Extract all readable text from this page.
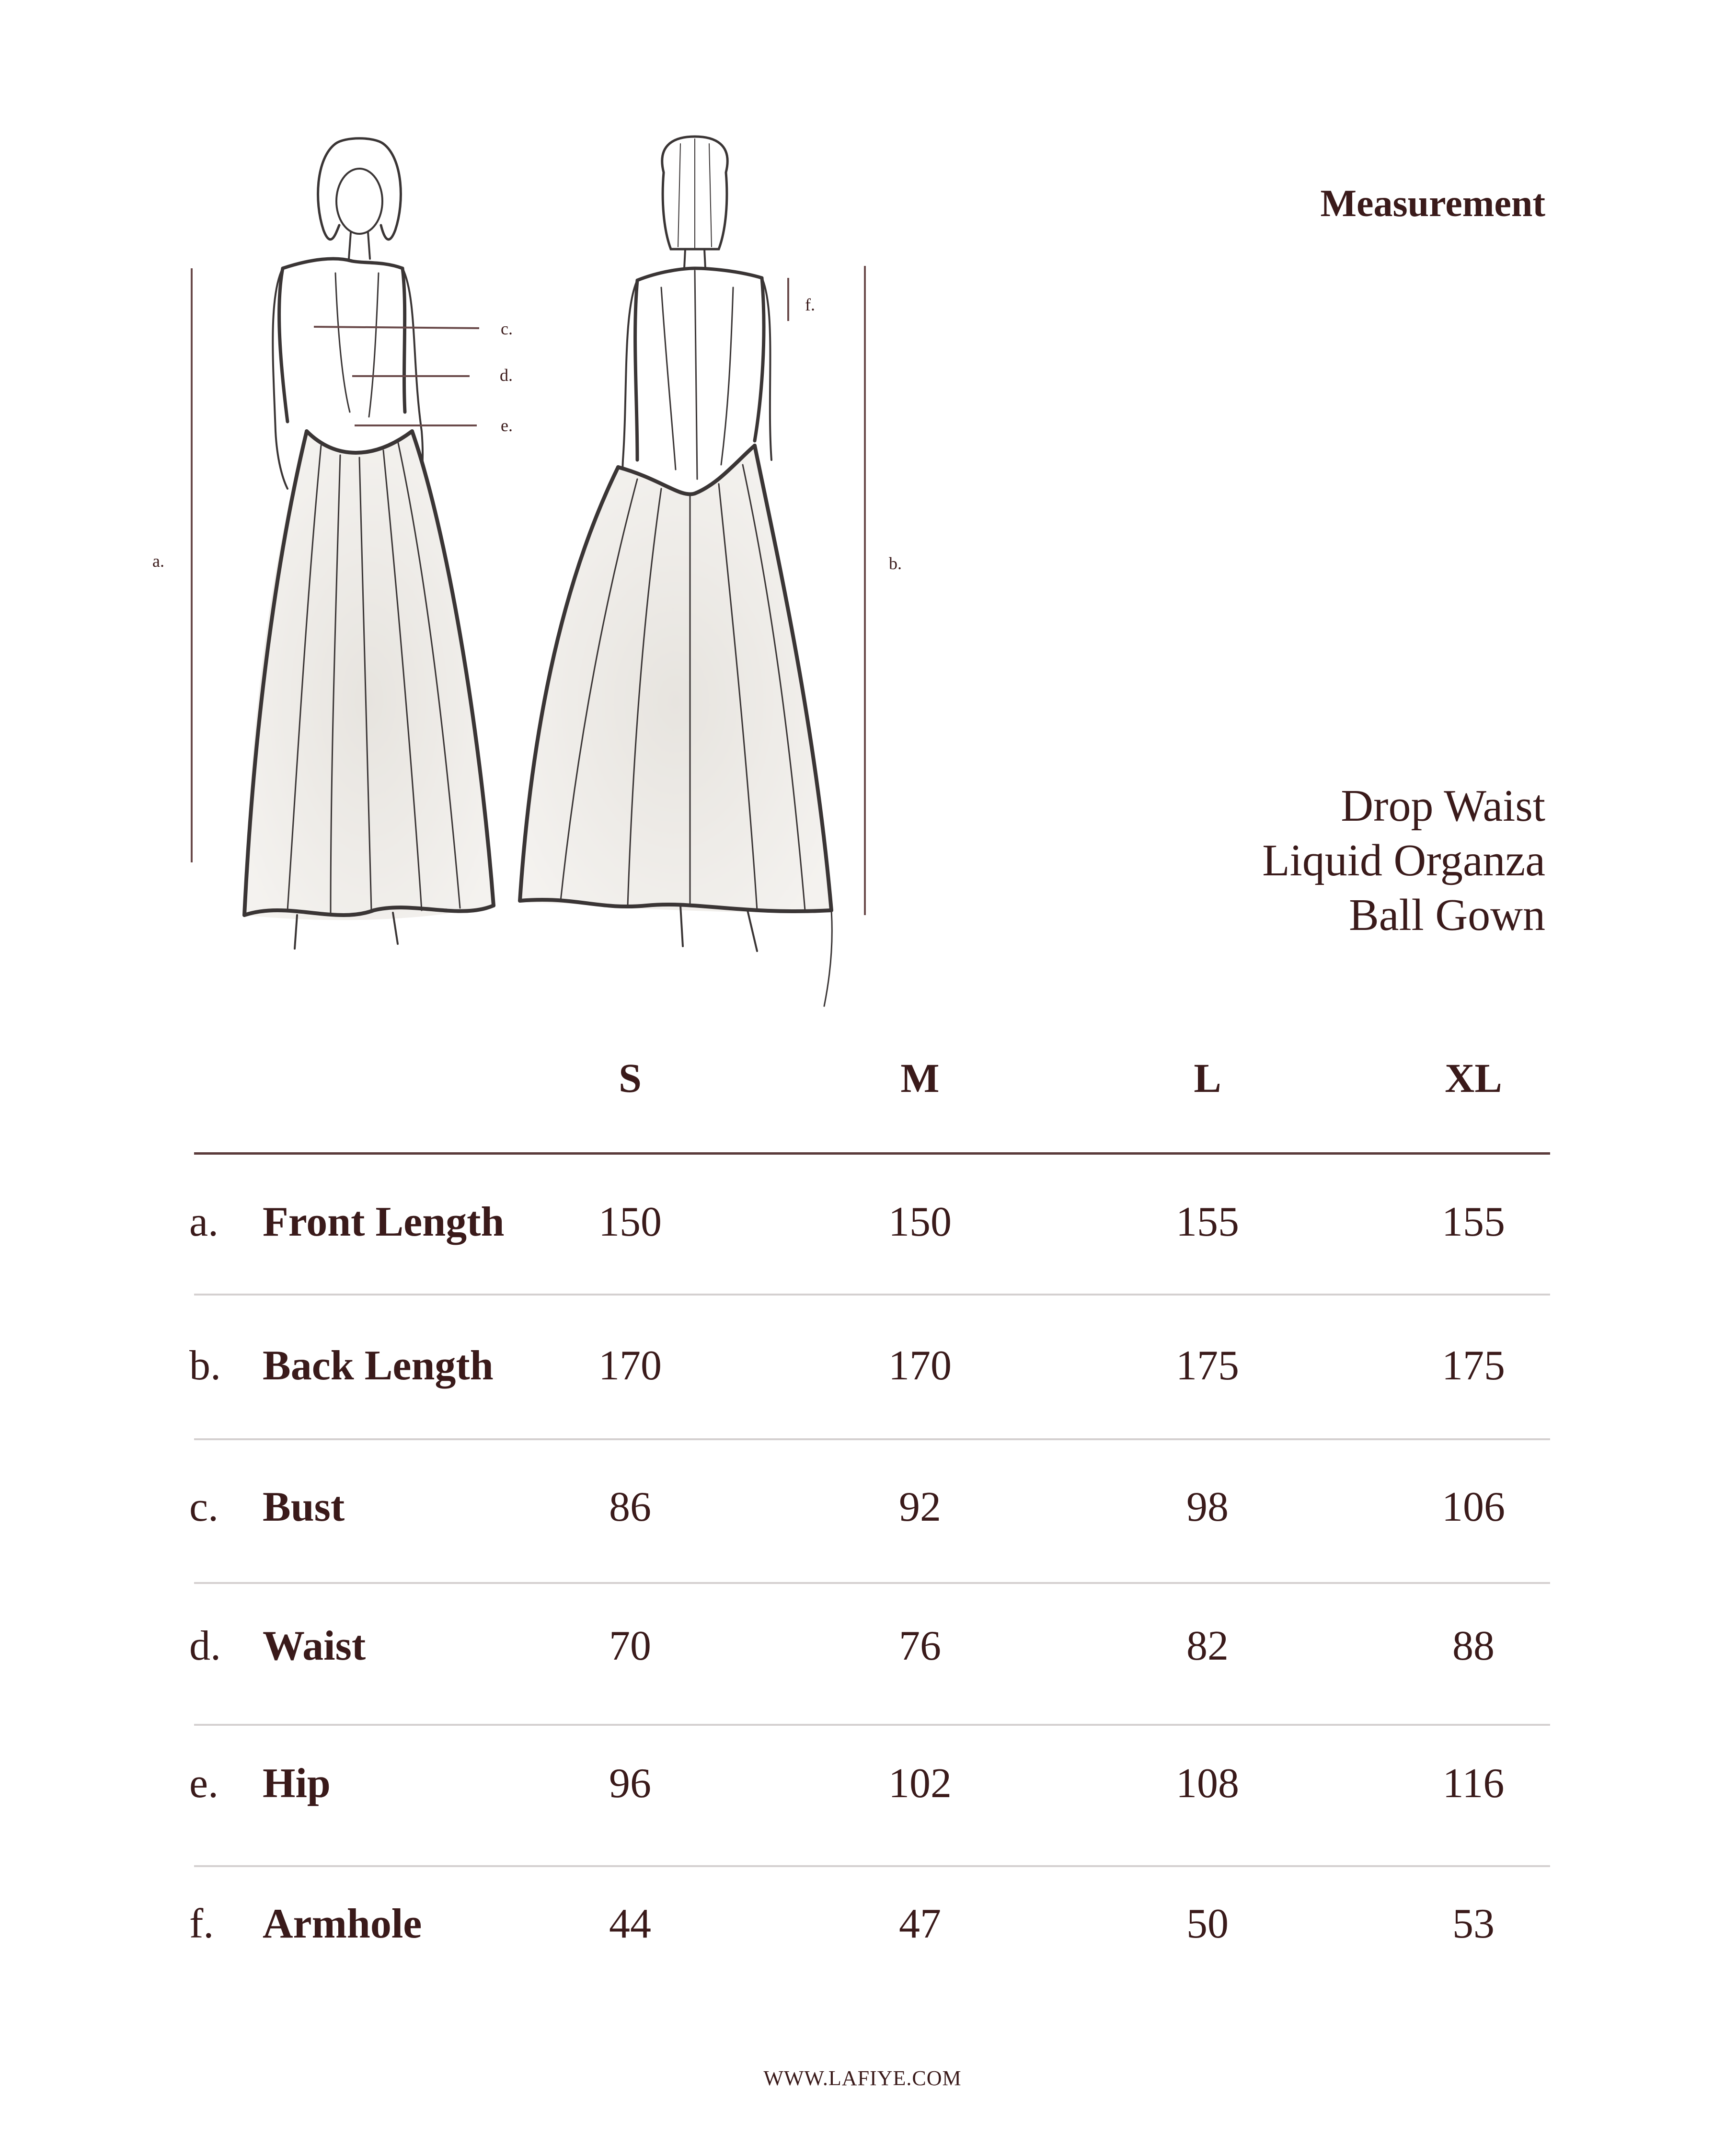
a.	b.
c.
d.
e.
f.
Measurement
Drop Waist
Liquid Organza
Ball Gown
S	M	L	XL
a. Front Length	150	150	155	155
b. Back Length	170	170	175	175
c. Bust	86	92	98	106
d. Waist	70	76	82	88
e. Hip	96	102	108	116
f. Armhole	44	47	50	53
WWW.LAFIYE.COM
